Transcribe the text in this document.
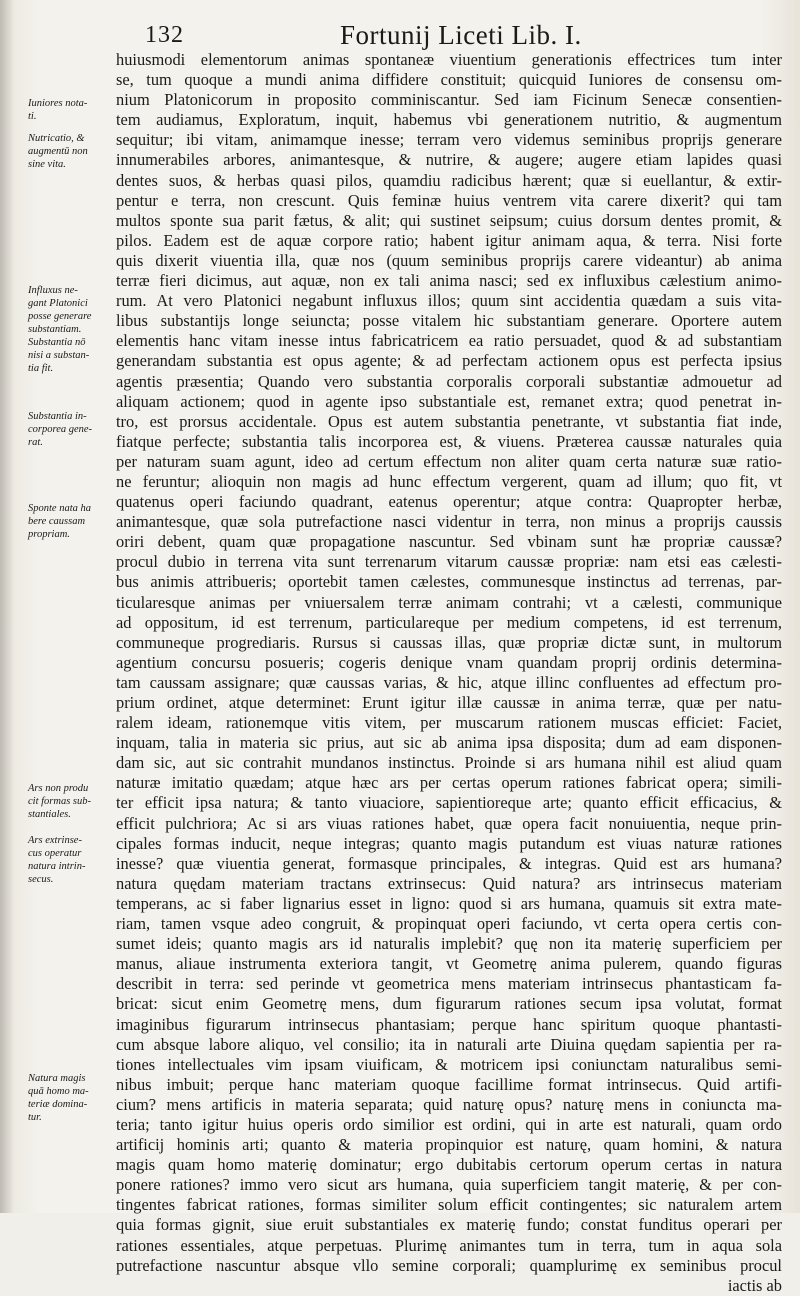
132	Fortunij Liceti Lib. I.
Iuniores nota-
ti.
Nutricatio, &
augmentū non
sine vita.
Influxus ne-
gant Platonici
posse generare
substantiam.
Substantia nō
nisi a substan-
tia fit.
Substantia in-
corporea gene-
rat.
Sponte nata ha
bere caussam
propriam.
Ars non produ
cit formas sub-
stantiales.
Ars extrinse-
cus operatur
natura intrin-
secus.
Natura magis
quā homo ma-
teriæ domina-
tur.
huiusmodi elementorum animas spontaneæ viuentium generationis effectrices tum inter
se, tum quoque a mundi anima diffidere constituit; quicquid Iuniores de consensu om-
nium Platonicorum in proposito comminiscantur. Sed iam Ficinum Senecæ consentien-
tem audiamus, Exploratum, inquit, habemus vbi generationem nutritio, & augmentum
sequitur; ibi vitam, animamque inesse; terram vero videmus seminibus proprijs generare
innumerabiles arbores, animantesque, & nutrire, & augere; augere etiam lapides quasi
dentes suos, & herbas quasi pilos, quamdiu radicibus hærent; quæ si euellantur, & extir-
pentur e terra, non crescunt. Quis feminæ huius ventrem vita carere dixerit? qui tam
multos sponte sua parit fætus, & alit; qui sustinet seipsum; cuius dorsum dentes promit, &
pilos. Eadem est de aquæ corpore ratio; habent igitur animam aqua, & terra. Nisi forte
quis dixerit viuentia illa, quæ nos (quum seminibus proprijs carere videantur) ab anima
terræ fieri dicimus, aut aquæ, non ex tali anima nasci; sed ex influxibus cælestium animo-
rum. At vero Platonici negabunt influxus illos; quum sint accidentia quædam a suis vita-
libus substantijs longe seiuncta; posse vitalem hic substantiam generare. Oportere autem
elementis hanc vitam inesse intus fabricatricem ea ratio persuadet, quod & ad substantiam
generandam substantia est opus agente; & ad perfectam actionem opus est perfecta ipsius
agentis præsentia; Quando vero substantia corporalis corporali substantiæ admouetur ad
aliquam actionem; quod in agente ipso substantiale est, remanet extra; quod penetrat in-
tro, est prorsus accidentale. Opus est autem substantia penetrante, vt substantia fiat inde,
fiatque perfecte; substantia talis incorporea est, & viuens. Præterea caussæ naturales quia
per naturam suam agunt, ideo ad certum effectum non aliter quam certa naturæ suæ ratio-
ne feruntur; alioquin non magis ad hunc effectum vergerent, quam ad illum; quo fit, vt
quatenus operi faciundo quadrant, eatenus operentur; atque contra: Quapropter herbæ,
animantesque, quæ sola putrefactione nasci videntur in terra, non minus a proprijs caussis
oriri debent, quam quæ propagatione nascuntur. Sed vbinam sunt hæ propriæ caussæ?
procul dubio in terrena vita sunt terrenarum vitarum caussæ propriæ: nam etsi eas cælesti-
bus animis attribueris; oportebit tamen cælestes, communesque instinctus ad terrenas, par-
ticularesque animas per vniuersalem terræ animam contrahi; vt a cælesti, communique
ad oppositum, id est terrenum, particulareque per medium competens, id est terrenum,
communeque progrediaris. Rursus si caussas illas, quæ propriæ dictæ sunt, in multorum
agentium concursu posueris; cogeris denique vnam quandam proprij ordinis determina-
tam caussam assignare; quæ caussas varias, & hic, atque illinc confluentes ad effectum pro-
prium ordinet, atque determinet: Erunt igitur illæ caussæ in anima terræ, quæ per natu-
ralem ideam, rationemque vitis vitem, per muscarum rationem muscas efficiet: Faciet,
inquam, talia in materia sic prius, aut sic ab anima ipsa disposita; dum ad eam disponen-
dam sic, aut sic contrahit mundanos instinctus. Proinde si ars humana nihil est aliud quam
naturæ imitatio quædam; atque hæc ars per certas operum rationes fabricat opera; simili-
ter efficit ipsa natura; & tanto viuaciore, sapientioreque arte; quanto efficit efficacius, &
efficit pulchriora; Ac si ars viuas rationes habet, quæ opera facit nonuiuentia, neque prin-
cipales formas inducit, neque integras; quanto magis putandum est viuas naturæ rationes
inesse? quæ viuentia generat, formasque principales, & integras. Quid est ars humana?
natura quędam materiam tractans extrinsecus: Quid natura? ars intrinsecus materiam
temperans, ac si faber lignarius esset in ligno: quod si ars humana, quamuis sit extra mate-
riam, tamen vsque adeo congruit, & propinquat operi faciundo, vt certa opera certis con-
sumet ideis; quanto magis ars id naturalis implebit? quę non ita materię superficiem per
manus, aliaue instrumenta exteriora tangit, vt Geometrę anima pulerem, quando figuras
describit in terra: sed perinde vt geometrica mens materiam intrinsecus phantasticam fa-
bricat: sicut enim Geometrę mens, dum figurarum rationes secum ipsa volutat, format
imaginibus figurarum intrinsecus phantasiam; perque hanc spiritum quoque phantasti-
cum absque labore aliquo, vel consilio; ita in naturali arte Diuina quędam sapientia per ra-
tiones intellectuales vim ipsam viuificam, & motricem ipsi coniunctam naturalibus semi-
nibus imbuit; perque hanc materiam quoque facillime format intrinsecus. Quid artifi-
cium? mens artificis in materia separata; quid naturę opus? naturę mens in coniuncta ma-
teria; tanto igitur huius operis ordo similior est ordini, qui in arte est naturali, quam ordo
artificij hominis arti; quanto & materia propinquior est naturę, quam homini, & natura
magis quam homo materię dominatur; ergo dubitabis certorum operum certas in natura
ponere rationes? immo vero sicut ars humana, quia superficiem tangit materię, & per con-
tingentes fabricat rationes, formas similiter solum efficit contingentes; sic naturalem artem
quia formas gignit, siue eruit substantiales ex materię fundo; constat funditus operari per
rationes essentiales, atque perpetuas. Plurimę animantes tum in terra, tum in aqua sola
putrefactione nascuntur absque vllo semine corporali; quamplurimę ex seminibus procul
iactis ab
